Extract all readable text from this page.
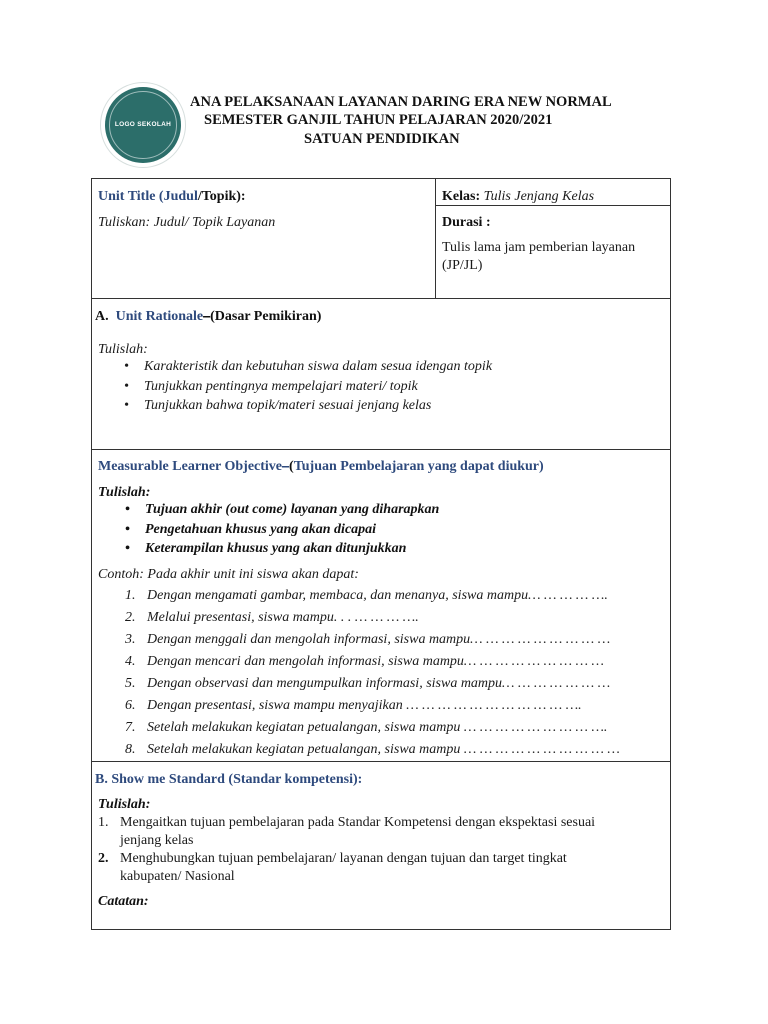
LOGO SEKOLAH
ANA PELAKSANAAN LAYANAN DARING ERA NEW NORMAL
SEMESTER GANJIL TAHUN PELAJARAN 2020/2021
SATUAN PENDIDIKAN
Unit Title (Judul/Topik):
Tuliskan: Judul/ Topik Layanan
Kelas: Tulis Jenjang Kelas
Durasi :
Tulis lama jam pemberian layanan
(JP/JL)
A. Unit Rationale–(Dasar Pemikiran)
Tulislah:
• Karakteristik dan kebutuhan siswa dalam sesua idengan topik
• Tunjukkan pentingnya mempelajari materi/ topik
• Tunjukkan bahwa topik/materi sesuai jenjang kelas
Measurable Learner Objective–(Tujuan Pembelajaran yang dapat diukur)
Tulislah:
• Tujuan akhir (out come) layanan yang diharapkan
• Pengetahuan khusus yang akan dicapai
• Keterampilan khusus yang akan ditunjukkan
Contoh: Pada akhir unit ini siswa akan dapat:
1. Dengan mengamati gambar, membaca, dan menanya, siswa mampu… … … … ….
2. Melalui presentasi, siswa mampu. . . … … … ….
3. Dengan menggali dan mengolah informasi, siswa mampu… … … … … … … … …
4. Dengan mencari dan mengolah informasi, siswa mampu… … … … … … … … …
5. Dengan observasi dan mengumpulkan informasi, siswa mampu… … … … … … …
6. Dengan presentasi, siswa mampu menyajikan … … … … … … … … … … ….
7. Setelah melakukan kegiatan petualangan, siswa mampu … … … … … … … … ….
8. Setelah melakukan kegiatan petualangan, siswa mampu … … … … … … … … … …
B. Show me Standard (Standar kompetensi):
Tulislah:
1. Mengaitkan tujuan pembelajaran pada Standar Kompetensi dengan ekspektasi sesuai
jenjang kelas
2. Menghubungkan tujuan pembelajaran/ layanan dengan tujuan dan target tingkat
kabupaten/ Nasional
Catatan:
